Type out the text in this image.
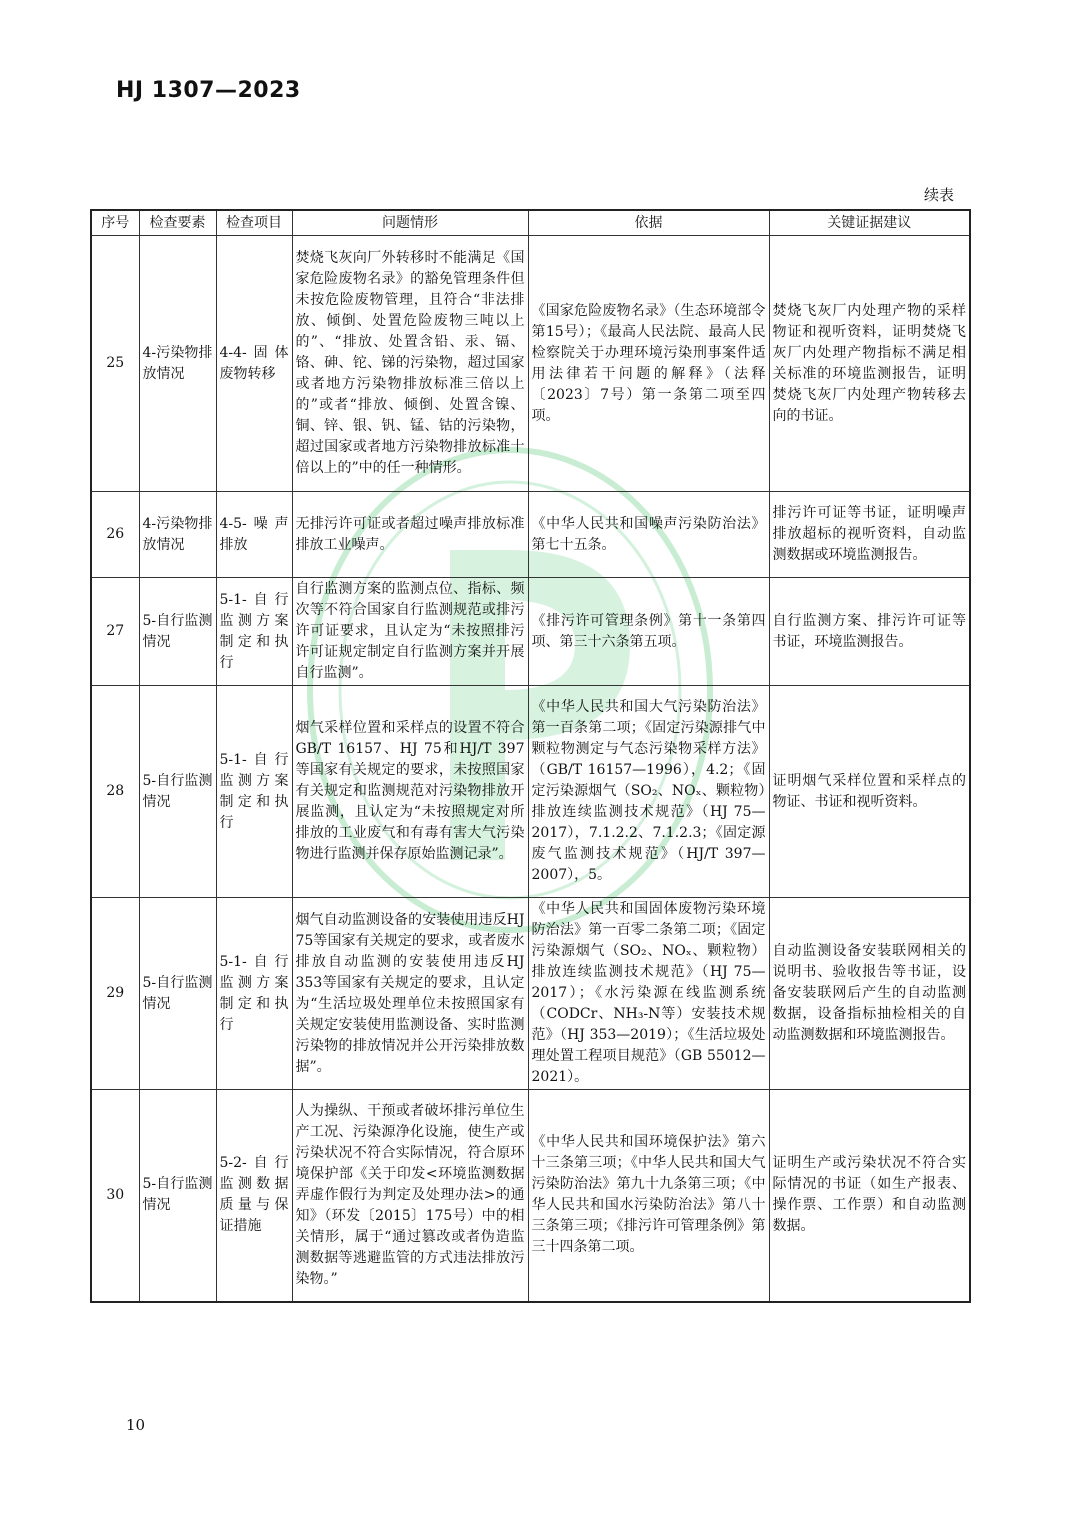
HJ 1307—2023
续表
序号	检查要素	检查项目	问题情形	依据	关键证据建议
25	4-污染物排放情况	4-4-固体废物转移	焚烧飞灰向厂外转移时不能满足《国家危险废物名录》的豁免管理条件但未按危险废物管理，且符合“非法排放、倾倒、处置危险废物三吨以上的”、“排放、处置含铅、汞、镉、铬、砷、铊、锑的污染物，超过国家或者地方污染物排放标准三倍以上的”或者“排放、倾倒、处置含镍、铜、锌、银、钒、锰、钴的污染物，超过国家或者地方污染物排放标准十倍以上的”中的任一种情形。	《国家危险废物名录》（生态环境部令第15号）；《最高人民法院、最高人民检察院关于办理环境污染刑事案件适用法律若干问题的解释》（法释〔2023〕7号）第一条第二项至四项。	焚烧飞灰厂内处理产物的采样物证和视听资料，证明焚烧飞灰厂内处理产物指标不满足相关标准的环境监测报告，证明焚烧飞灰厂内处理产物转移去向的书证。
26	4-污染物排放情况	4-5-噪声排放	无排污许可证或者超过噪声排放标准排放工业噪声。	《中华人民共和国噪声污染防治法》第七十五条。	排污许可证等书证，证明噪声排放超标的视听资料，自动监测数据或环境监测报告。
27	5-自行监测情况	5-1-自行监测方案制定和执行	自行监测方案的监测点位、指标、频次等不符合国家自行监测规范或排污许可证要求，且认定为“未按照排污许可证规定制定自行监测方案并开展自行监测”。	《排污许可管理条例》第十一条第四项、第三十六条第五项。	自行监测方案、排污许可证等书证，环境监测报告。
28	5-自行监测情况	5-1-自行监测方案制定和执行	烟气采样位置和采样点的设置不符合GB/T 16157、HJ 75和HJ/T 397等国家有关规定的要求，未按照国家有关规定和监测规范对污染物排放开展监测，且认定为“未按照规定对所排放的工业废气和有毒有害大气污染物进行监测并保存原始监测记录”。	《中华人民共和国大气污染防治法》第一百条第二项；《固定污染源排气中颗粒物测定与气态污染物采样方法》（GB/T 16157—1996），4.2；《固定污染源烟气（SO₂、NOₓ、颗粒物）排放连续监测技术规范》（HJ 75—2017），7.1.2.2、7.1.2.3；《固定源废气监测技术规范》（HJ/T 397—2007），5。	证明烟气采样位置和采样点的物证、书证和视听资料。
29	5-自行监测情况	5-1-自行监测方案制定和执行	烟气自动监测设备的安装使用违反HJ 75等国家有关规定的要求，或者废水排放自动监测的安装使用违反HJ 353等国家有关规定的要求，且认定为“生活垃圾处理单位未按照国家有关规定安装使用监测设备、实时监测污染物的排放情况并公开污染排放数据”。	《中华人民共和国固体废物污染环境防治法》第一百零二条第二项；《固定污染源烟气（SO₂、NOₓ、颗粒物）排放连续监测技术规范》（HJ 75—2017）；《水污染源在线监测系统（CODCr、NH₃-N等）安装技术规范》（HJ 353—2019）；《生活垃圾处理处置工程项目规范》（GB 55012—2021）。	自动监测设备安装联网相关的说明书、验收报告等书证，设备安装联网后产生的自动监测数据，设备指标抽检相关的自动监测数据和环境监测报告。
30	5-自行监测情况	5-2-自行监测数据质量与保证措施	人为操纵、干预或者破坏排污单位生产工况、污染源净化设施，使生产或污染状况不符合实际情况，符合原环境保护部《关于印发<环境监测数据弄虚作假行为判定及处理办法>的通知》（环发〔2015〕175号）中的相关情形，属于“通过篡改或者伪造监测数据等逃避监管的方式违法排放污染物。”	《中华人民共和国环境保护法》第六十三条第三项；《中华人民共和国大气污染防治法》第九十九条第三项；《中华人民共和国水污染防治法》第八十三条第三项；《排污许可管理条例》第三十四条第二项。	证明生产或污染状况不符合实际情况的书证（如生产报表、操作票、工作票）和自动监测数据。
10
